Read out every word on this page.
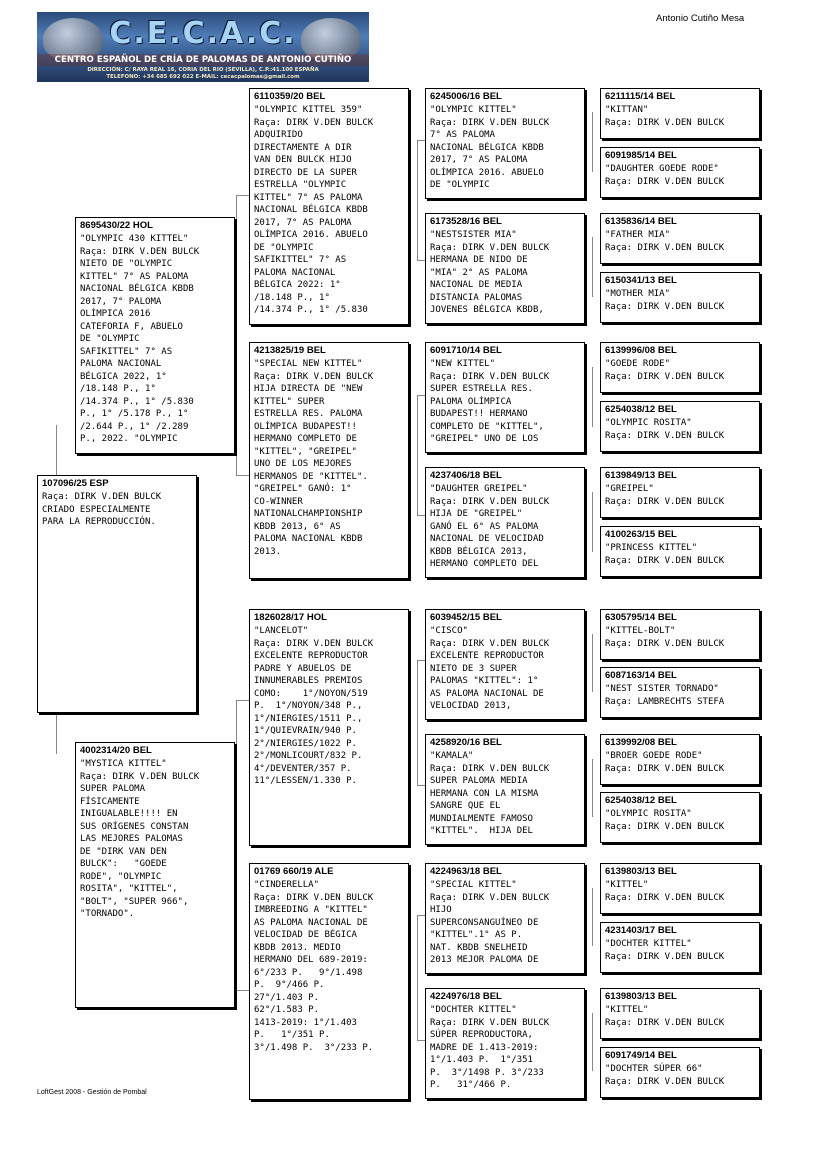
C.E.C.A.C.
CENTRO ESPAÑOL DE CRÍA DE PALOMAS DE ANTONIO CUTIÑO
DIRECCIÓN: C/ RAYA REAL 16, CORIA DEL RIO (SEVILLA), C.P.:41.100 ESPAÑA
TELEFONO: +34 685 692 022 E-MAIL: cecacpalomas@gmail.com
Antonio Cutiño Mesa
107096/25 ESP
Raça: DIRK V.DEN BULCK
CRIADO ESPECIALMENTE
PARA LA REPRODUCCIÓN.
8695430/22 HOL
"OLYMPIC 430 KITTEL"
Raça: DIRK V.DEN BULCK
NIETO DE "OLYMPIC
KITTEL" 7° AS PALOMA
NACIONAL BÉLGICA KBDB
2017, 7° PALOMA
OLÍMPICA 2016
CATEFORIA F, ABUELO
DE "OLYMPIC
SAFIKITTEL" 7° AS
PALOMA NACIONAL
BÉLGICA 2022, 1°
/18.148 P., 1°
/14.374 P., 1° /5.830
P., 1° /5.178 P., 1°
/2.644 P., 1° /2.289
P., 2022. "OLYMPIC
4002314/20 BEL
"MYSTICA KITTEL"
Raça: DIRK V.DEN BULCK
SUPER PALOMA
FÍSICAMENTE
INIGUALABLE!!!! EN
SUS ORÍGENES CONSTAN
LAS MEJORES PALOMAS
DE "DIRK VAN DEN
BULCK":   "GOEDE
RODE", "OLYMPIC
ROSITA", "KITTEL",
"BOLT", "SUPER 966",
"TORNADO".
6110359/20 BEL
"OLYMPIC KITTEL 359"
Raça: DIRK V.DEN BULCK
ADQUIRIDO
DIRECTAMENTE A DIR
VAN DEN BULCK HIJO
DIRECTO DE LA SUPER
ESTRELLA "OLYMPIC
KITTEL" 7° AS PALOMA
NACIONAL BÉLGICA KBDB
2017, 7° AS PALOMA
OLÍMPICA 2016. ABUELO
DE "OLYMPIC
SAFIKITTEL" 7° AS
PALOMA NACIONAL
BÉLGICA 2022: 1°
/18.148 P., 1°
/14.374 P., 1° /5.830
4213825/19 BEL
"SPECIAL NEW KITTEL"
Raça: DIRK V.DEN BULCK
HIJA DIRECTA DE "NEW
KITTEL" SUPER
ESTRELLA RES. PALOMA
OLÍMPICA BUDAPEST!!
HERMANO COMPLETO DE
"KITTEL", "GREIPEL"
UNO DE LOS MEJORES
HERMANOS DE "KITTEL".
"GREIPEL" GANÓ: 1°
CO-WINNER
NATIONALCHAMPIONSHIP
KBDB 2013, 6° AS
PALOMA NACIONAL KBDB
2013.
1826028/17 HOL
"LANCELOT"
Raça: DIRK V.DEN BULCK
EXCELENTE REPRODUCTOR
PADRE Y ABUELOS DE
INNUMERABLES PREMIOS
COMO:    1°/NOYON/519
P.  1°/NOYON/348 P.,
1°/NIERGIES/1511 P.,
1°/QUIEVRAIN/940 P.
2°/NIERGIES/1022 P.
2°/MONLICOURT/832 P.
4°/DEVENTER/357 P.
11°/LESSEN/1.330 P.
01769 660/19 ALE
"CINDERELLA"
Raça: DIRK V.DEN BULCK
IMBREEDING A "KITTEL"
AS PALOMA NACIONAL DE
VELOCIDAD DE BÉGICA
KBDB 2013. MEDIO
HERMANO DEL 689-2019:
6°/233 P.   9°/1.498
P.  9°/466 P.
27°/1.403 P.
62°/1.583 P.
1413-2019: 1°/1.403
P.   1°/351 P.
3°/1.498 P.  3°/233 P.
6245006/16 BEL
"OLYMPIC KITTEL"
Raça: DIRK V.DEN BULCK
7° AS PALOMA
NACIONAL BÉLGICA KBDB
2017, 7° AS PALOMA
OLÍMPICA 2016. ABUELO
DE "OLYMPIC
6173528/16 BEL
"NESTSISTER MIA"
Raça: DIRK V.DEN BULCK
HERMANA DE NIDO DE
"MIA" 2° AS PALOMA
NACIONAL DE MEDIA
DISTANCIA PALOMAS
JOVENES BÉLGICA KBDB,
6091710/14 BEL
"NEW KITTEL"
Raça: DIRK V.DEN BULCK
SUPER ESTRELLA RES.
PALOMA OLÍMPICA
BUDAPEST!! HERMANO
COMPLETO DE "KITTEL",
"GREIPEL" UNO DE LOS
4237406/18 BEL
"DAUGHTER GREIPEL"
Raça: DIRK V.DEN BULCK
HIJA DE "GREIPEL"
GANÓ EL 6° AS PALOMA
NACIONAL DE VELOCIDAD
KBDB BÉLGICA 2013,
HERMANO COMPLETO DEL
6039452/15 BEL
"CISCO"
Raça: DIRK V.DEN BULCK
EXCELENTE REPRODUCTOR
NIETO DE 3 SUPER
PALOMAS "KITTEL": 1°
AS PALOMA NACIONAL DE
VELOCIDAD 2013,
4258920/16 BEL
"KAMALA"
Raça: DIRK V.DEN BULCK
SUPER PALOMA MEDIA
HERMANA CON LA MISMA
SANGRE QUE EL
MUNDIALMENTE FAMOSO
"KITTEL".  HIJA DEL
4224963/18 BEL
"SPECIAL KITTEL"
Raça: DIRK V.DEN BULCK
HIJO
SUPERCONSANGUÍNEO DE
"KITTEL".1° AS P.
NAT. KBDB SNELHEID
2013 MEJOR PALOMA DE
4224976/18 BEL
"DOCHTER KITTEL"
Raça: DIRK V.DEN BULCK
SÚPER REPRODUCTORA,
MADRE DE 1.413-2019:
1°/1.403 P.  1°/351
P.  3°/1498 P. 3°/233
P.   31°/466 P.
6211115/14 BEL
"KITTAN"
Raça: DIRK V.DEN BULCK
6091985/14 BEL
"DAUGHTER GOEDE RODE"
Raça: DIRK V.DEN BULCK
6135836/14 BEL
"FATHER MIA"
Raça: DIRK V.DEN BULCK
6150341/13 BEL
"MOTHER MIA"
Raça: DIRK V.DEN BULCK
6139996/08 BEL
"GOEDE RODE"
Raça: DIRK V.DEN BULCK
6254038/12 BEL
"OLYMPIC ROSITA"
Raça: DIRK V.DEN BULCK
6139849/13 BEL
"GREIPEL"
Raça: DIRK V.DEN BULCK
4100263/15 BEL
"PRINCESS KITTEL"
Raça: DIRK V.DEN BULCK
6305795/14 BEL
"KITTEL-BOLT"
Raça: DIRK V.DEN BULCK
6087163/14 BEL
"NEST SISTER TORNADO"
Raça: LAMBRECHTS STEFA
6139992/08 BEL
"BROER GOEDE RODE"
Raça: DIRK V.DEN BULCK
6254038/12 BEL
"OLYMPIC ROSITA"
Raça: DIRK V.DEN BULCK
6139803/13 BEL
"KITTEL"
Raça: DIRK V.DEN BULCK
4231403/17 BEL
"DOCHTER KITTEL"
Raça: DIRK V.DEN BULCK
6139803/13 BEL
"KITTEL"
Raça: DIRK V.DEN BULCK
6091749/14 BEL
"DOCHTER SÚPER 66"
Raça: DIRK V.DEN BULCK
LoftGest 2008 - Gestión de Pombal
